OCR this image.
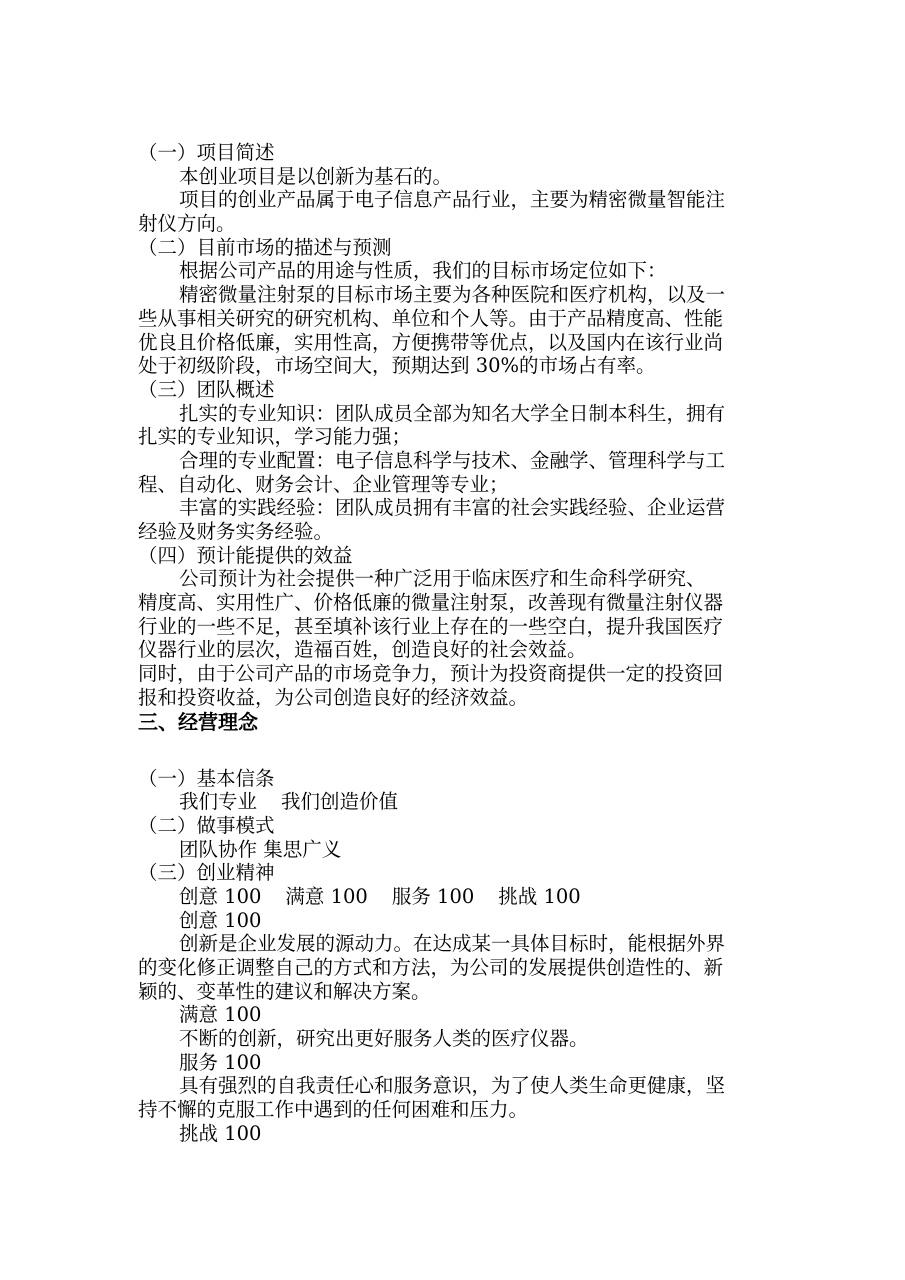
（一）项目简述
本创业项目是以创新为基石的。
项目的创业产品属于电子信息产品行业，主要为精密微量智能注
射仪方向。
（二）目前市场的描述与预测
根据公司产品的用途与性质，我们的目标市场定位如下：
精密微量注射泵的目标市场主要为各种医院和医疗机构，以及一
些从事相关研究的研究机构、单位和个人等。由于产品精度高、性能
优良且价格低廉，实用性高，方便携带等优点，以及国内在该行业尚
处于初级阶段，市场空间大，预期达到 30%的市场占有率。
（三）团队概述
扎实的专业知识：团队成员全部为知名大学全日制本科生，拥有
扎实的专业知识，学习能力强；
合理的专业配置：电子信息科学与技术、金融学、管理科学与工
程、自动化、财务会计、企业管理等专业；
丰富的实践经验：团队成员拥有丰富的社会实践经验、企业运营
经验及财务实务经验。
（四）预计能提供的效益
公司预计为社会提供一种广泛用于临床医疗和生命科学研究、
精度高、实用性广、价格低廉的微量注射泵，改善现有微量注射仪器
行业的一些不足，甚至填补该行业上存在的一些空白，提升我国医疗
仪器行业的层次，造福百姓，创造良好的社会效益。
同时，由于公司产品的市场竞争力，预计为投资商提供一定的投资回
报和投资收益，为公司创造良好的经济效益。
三、经营理念
（一）基本信条
我们专业 我们创造价值
（二）做事模式
团队协作 集思广义
（三）创业精神
创意 100 满意 100 服务 100 挑战 100
创意 100
创新是企业发展的源动力。在达成某一具体目标时，能根据外界
的变化修正调整自己的方式和方法，为公司的发展提供创造性的、新
颖的、变革性的建议和解决方案。
满意 100
不断的创新，研究出更好服务人类的医疗仪器。
服务 100
具有强烈的自我责任心和服务意识，为了使人类生命更健康，坚
持不懈的克服工作中遇到的任何困难和压力。
挑战 100
